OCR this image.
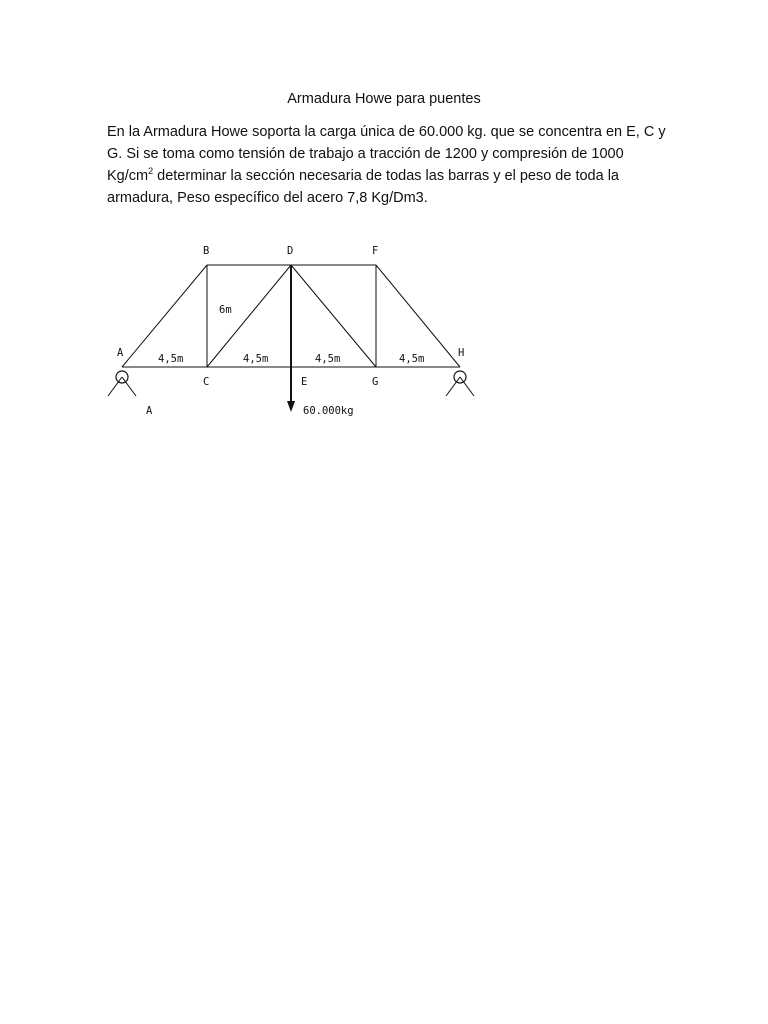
Armadura Howe para puentes
En la Armadura Howe soporta la carga única de 60.000 kg. que se concentra en E, C y G. Si se toma como tensión de trabajo a tracción de 1200 y compresión de 1000 $Kg/cm^2$ determinar la sección necesaria de todas las barras y el peso de toda la armadura, Peso específico del acero 7,8 Kg/Dm3.
B	D	F
A	H
C	E	G
A
6m
4,5m	4,5m	4,5m	4,5m
60.000kg
